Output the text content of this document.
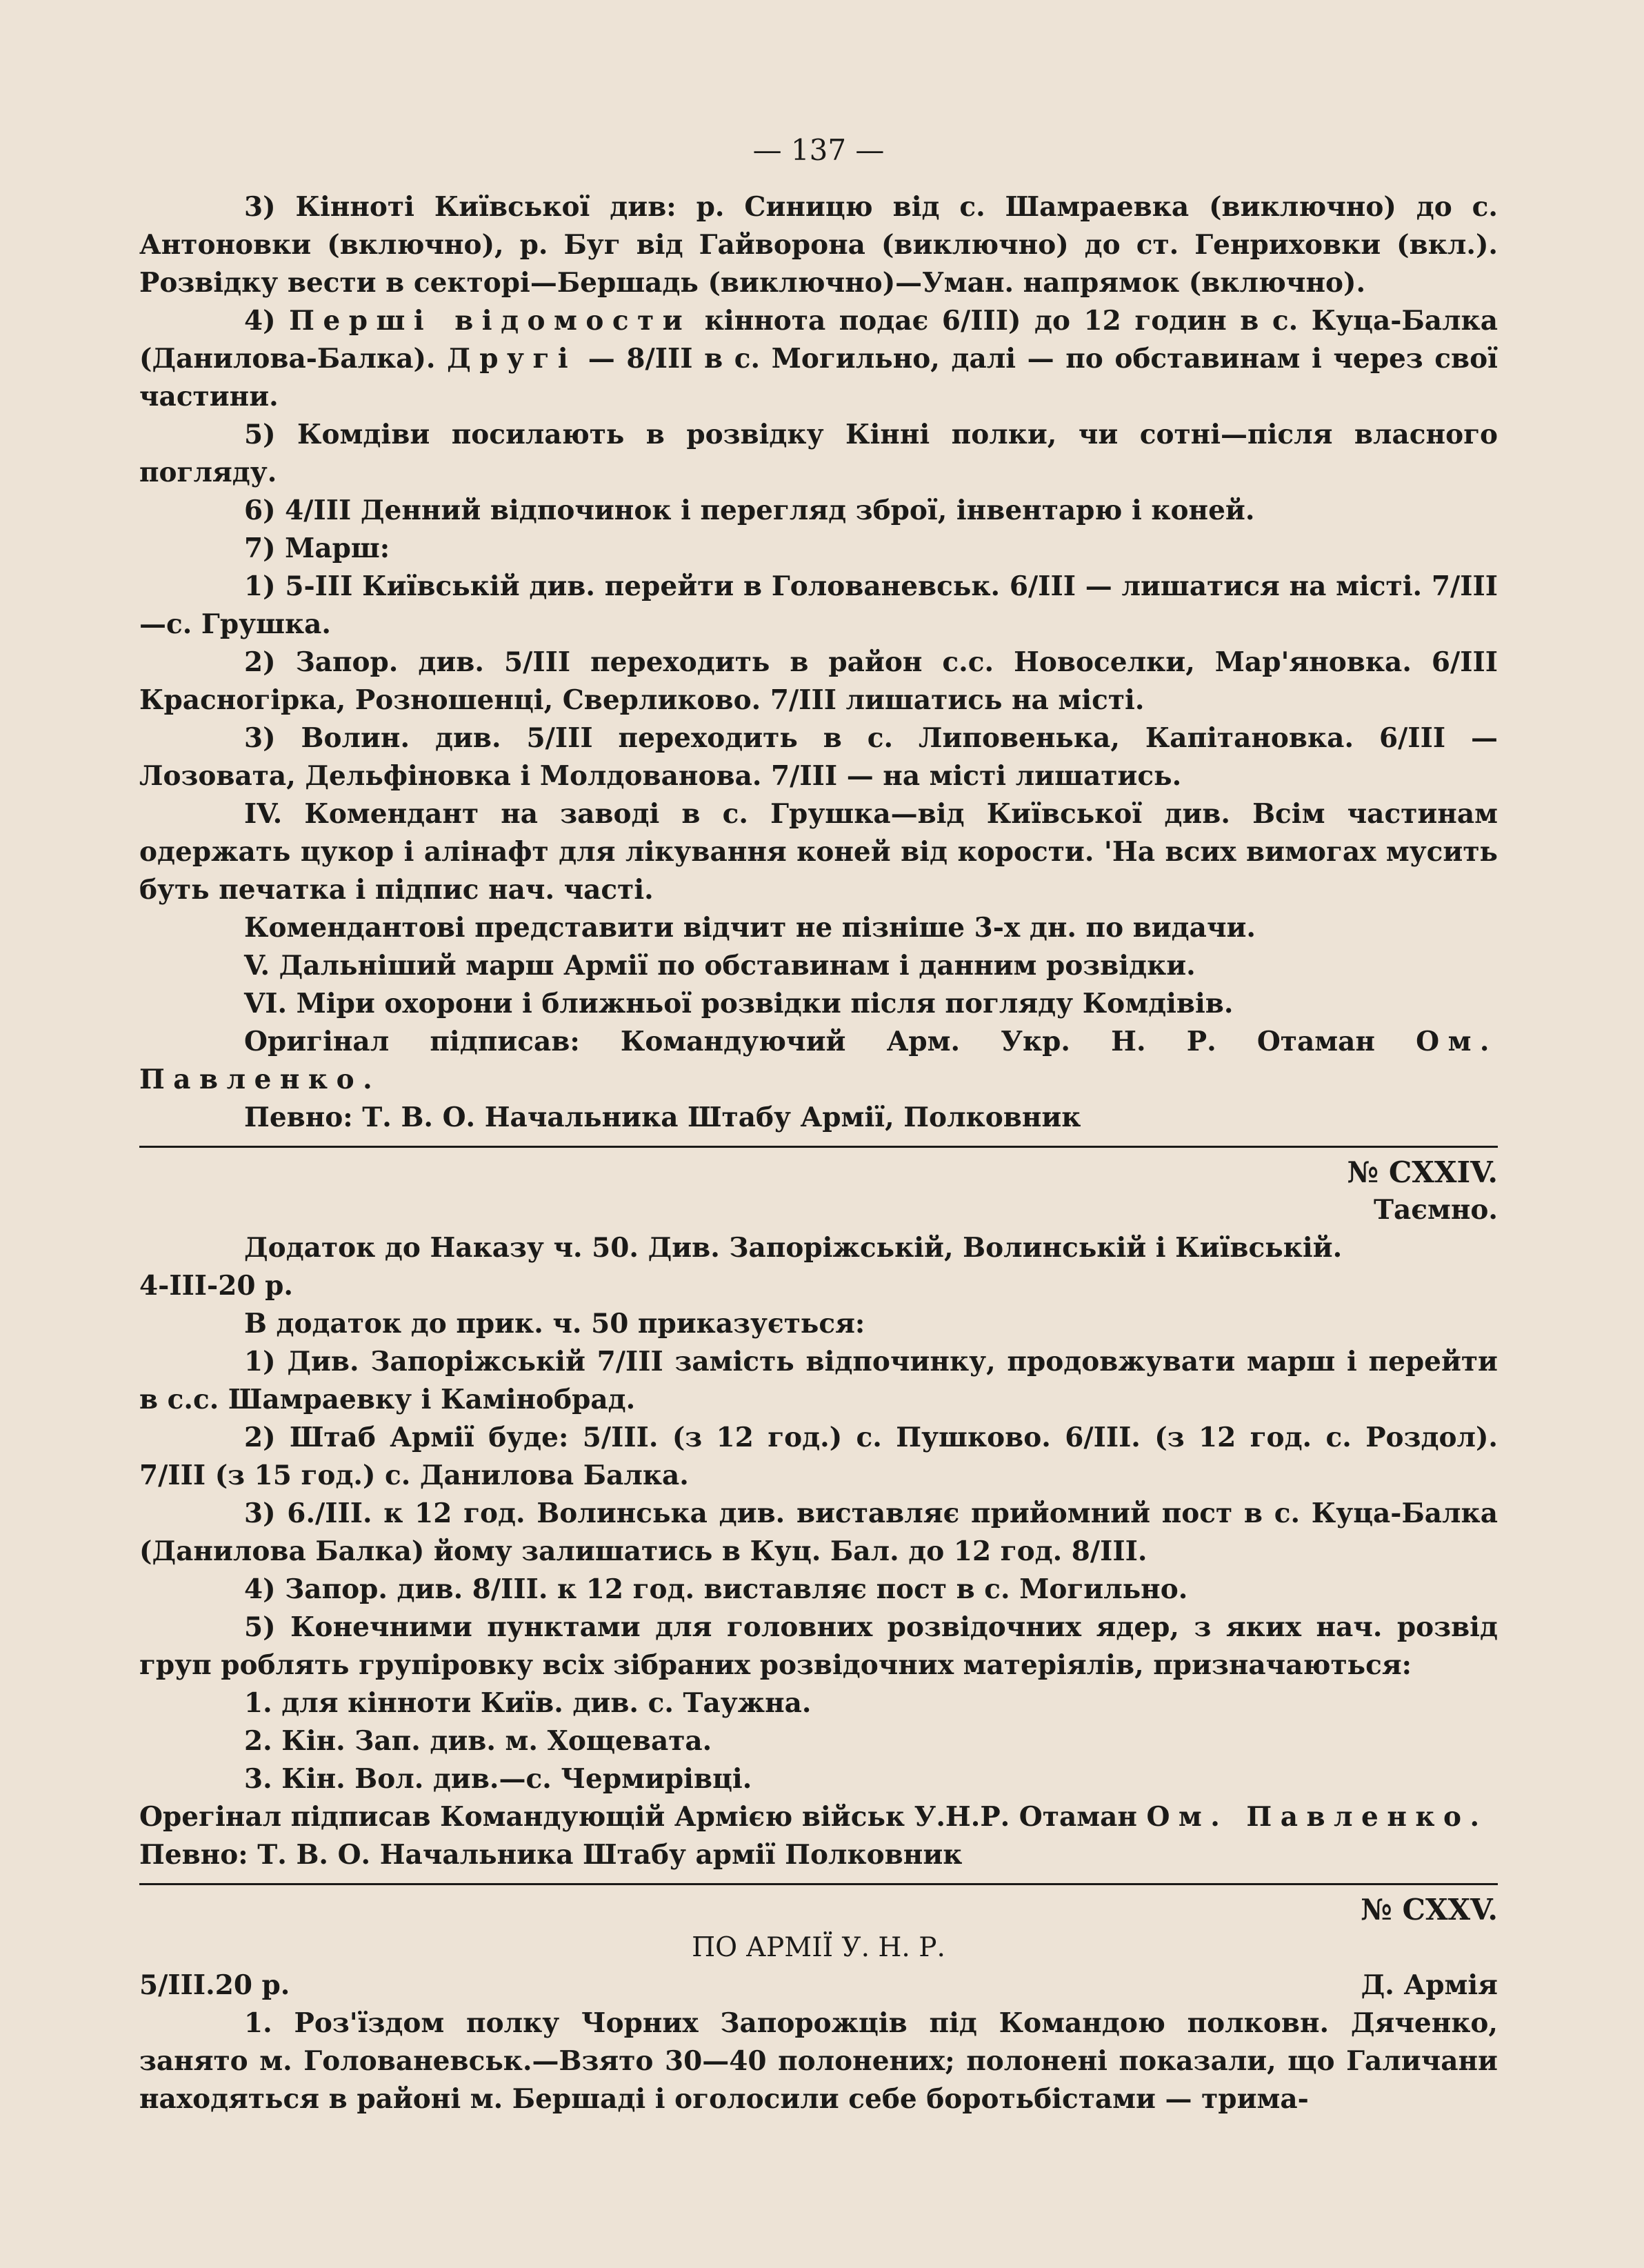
— 137 —

3) Кінноті Київської див: р. Синицю від с. Шамраевка (виключно) до с. Антоновки (включно), р. Буг від Гайворона (виключно) до ст. Генриховки (вкл.). Розвідку вести в секторі—Бершадь (виключно)—Уман. напрямок (включно).

4) Перші відомости кіннота подає 6/III) до 12 годин в с. Куца-Балка (Данилова-Балка). Другі — 8/III в с. Могильно, далі — по обставинам і через свої частини.

5) Комдіви посилають в розвідку Кінні полки, чи сотні—після власного погляду.

6) 4/III Денний відпочинок і перегляд зброї, інвентарю і коней.

7) Марш:

1) 5-III Київській див. перейти в Голованевськ. 6/III — лишатися на місті. 7/III—с. Грушка.

2) Запор. див. 5/III переходить в район с.с. Новоселки, Мар'яновка. 6/III Красногірка, Розношенці, Сверликово. 7/III лишатись на місті.

3) Волин. див. 5/III переходить в с. Липовенька, Капітановка. 6/III — Лозовата, Дельфіновка і Молдованова. 7/III — на місті лишатись.

IV. Комендант на заводі в с. Грушка—від Київської див. Всім частинам одержать цукор і алінафт для лікування коней від корости. 'На всих вимогах мусить буть печатка і підпис нач. часті.

Комендантові представити відчит не пізніше 3-х дн. по видачи.

V. Дальніший марш Армії по обставинам і данним розвідки.

VI. Міри охорони і ближньої розвідки після погляду Комдівів.

Оригінал підписав: Командуючий Арм. Укр. Н. Р. Отаман Ом. Павленко.

Певно: Т. В. О. Начальника Штабу Армії, Полковник

№ CXXIV.
Таємно.

Додаток до Наказу ч. 50. Див. Запоріжській, Волинській і Київській.

4-III-20 р.

В додаток до прик. ч. 50 приказується:

1) Див. Запоріжській 7/III замість відпочинку, продовжувати марш і перейти в с.с. Шамраевку і Камінобрад.

2) Штаб Армії буде: 5/III. (з 12 год.) с. Пушково. 6/III. (з 12 год. с. Роздол). 7/III (з 15 год.) с. Данилова Балка.

3) 6./III. к 12 год. Волинська див. виставляє прийомний пост в с. Куца-Балка (Данилова Балка) йому залишатись в Куц. Бал. до 12 год. 8/III.

4) Запор. див. 8/III. к 12 год. виставляє пост в с. Могильно.

5) Конечними пунктами для головних розвідочних ядер, з яких нач. розвід груп роблять групіровку всіх зібраних розвідочних матеріялів, призначаються:

1. для кінноти Київ. див. с. Таужна.

2. Кін. Зап. див. м. Хощевата.

3. Кін. Вол. див.—с. Чермирівці.

Орегінал підписав Командующій Армією військ У.Н.Р. Отаман Ом. Павленко.

Певно: Т. В. О. Начальника Штабу армії Полковник

№ CXXV.
ПО АРМІЇ У. Н. Р.
5/III.20 р.	Д. Армія

1. Роз'їздом полку Чорних Запорожців під Командою полковн. Дяченко, занято м. Голованевськ.—Взято 30—40 полонених; полонені показали, що Галичани находяться в районі м. Бершаді і оголосили себе боротьбістами — трима-
